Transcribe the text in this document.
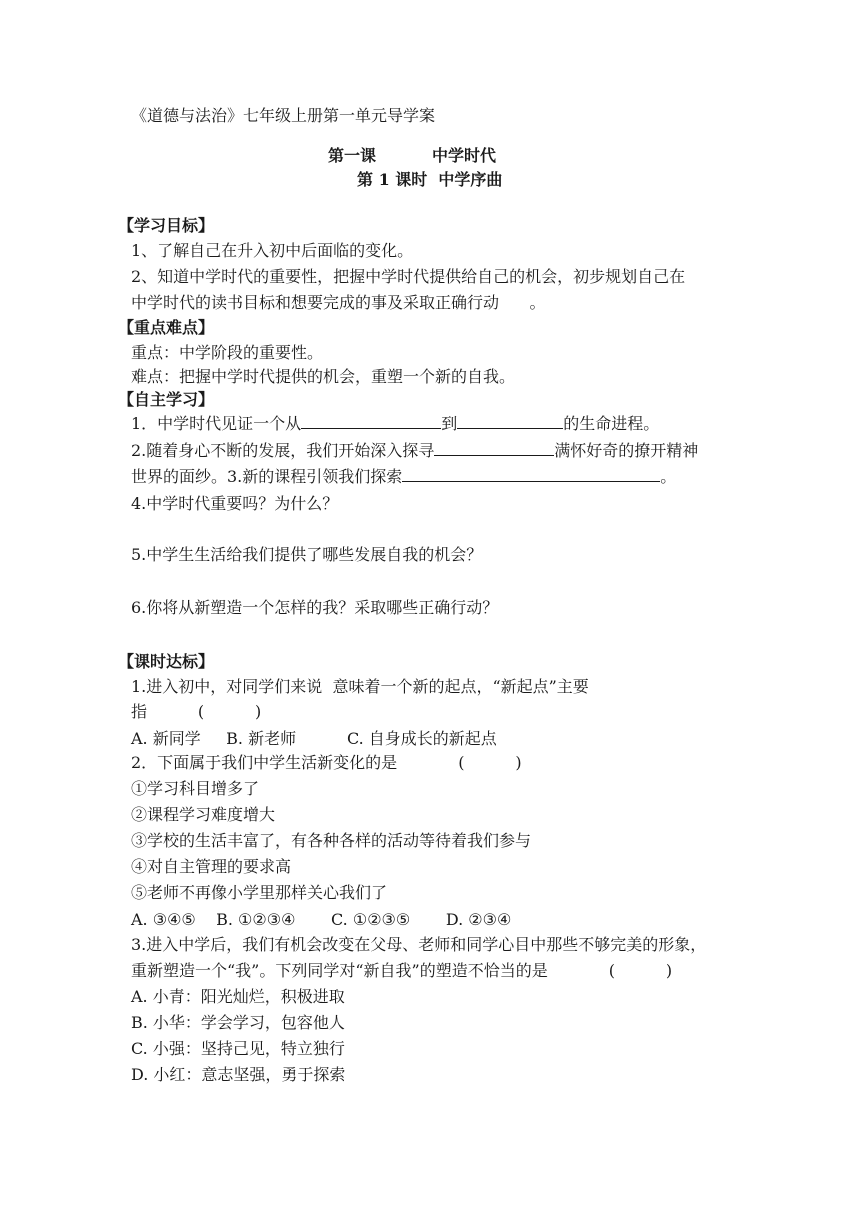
《道德与法治》七年级上册第一单元导学案
第一课	中学时代
第 1 课时  中学序曲
【学习目标】
1、了解自己在升入初中后面临的变化。
2、知道中学时代的重要性，把握中学时代提供给自己的机会，初步规划自己在
中学时代的读书目标和想要完成的事及采取正确行动      。
【重点难点】
重点：中学阶段的重要性。
难点：把握中学时代提供的机会，重塑一个新的自我。
【自主学习】
1．中学时代见证一个从	到	的生命进程。
2.随着身心不断的发展，我们开始深入探寻	满怀好奇的撩开精神
世界的面纱。3.新的课程引领我们探索	。
4.中学时代重要吗？为什么？
5.中学生生活给我们提供了哪些发展自我的机会？
6.你将从新塑造一个怎样的我？采取哪些正确行动？
【课时达标】
1.进入初中，对同学们来说  意味着一个新的起点，“新起点”主要
指          (          )
A. 新同学     B. 新老师          C. 自身成长的新起点
2．下面属于我们中学生活新变化的是            (          )
①学习科目增多了
②课程学习难度增大
③学校的生活丰富了，有各种各样的活动等待着我们参与
④对自主管理的要求高
⑤老师不再像小学里那样关心我们了
A. ③④⑤    B. ①②③④       C. ①②③⑤       D. ②③④
3.进入中学后，我们有机会改变在父母、老师和同学心目中那些不够完美的形象，
重新塑造一个“我”。下列同学对“新自我”的塑造不恰当的是            (          )
A. 小青：阳光灿烂，积极进取
B. 小华：学会学习，包容他人
C. 小强：坚持己见，特立独行
D. 小红：意志坚强，勇于探索
